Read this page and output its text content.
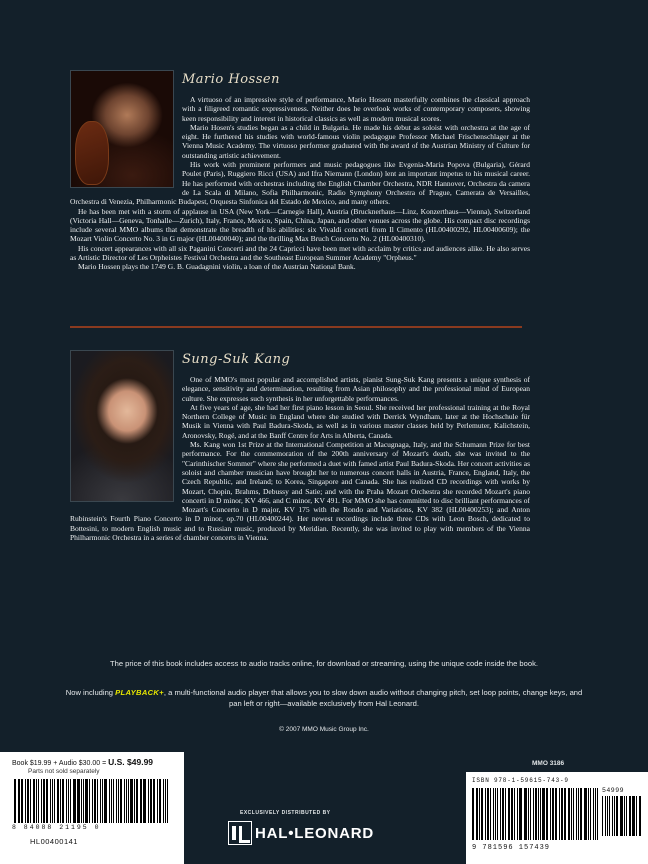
Mario Hossen

A virtuoso of an impressive style of performance, Mario Hossen masterfully combines the classical approach with a filigreed romantic expressiveness. Neither does he overlook works of contemporary composers, showing keen responsibility and interest in historical classics as well as modern musical scores.

Mario Hosen's studies began as a child in Bulgaria. He made his debut as soloist with orchestra at the age of eight. He furthered his studies with world-famous violin pedagogue Professor Michael Frischenschlager at the Vienna Music Academy. The virtuoso performer graduated with the award of the Austrian Ministry of Culture for outstanding artistic achievement.

His work with prominent performers and music pedagogues like Evgenia-Maria Popova (Bulgaria), Gérard Poulet (Paris), Ruggiero Ricci (USA) and Ifra Niemann (London) lent an important impetus to his musical career. He has performed with orchestras including the English Chamber Orchestra, NDR Hannover, Orchestra da camera de La Scala di Milano, Sofia Philharmonic, Radio Symphony Orchestra of Prague, Camerata de Versailles, Orchestra di Venezia, Philharmonic Budapest, Orquesta Sinfonica del Estado de Mexico, and many others.

He has been met with a storm of applause in USA (New York—Carnegie Hall), Austria (Brucknerhaus—Linz, Konzerthaus—Vienna), Switzerland (Victoria Hall—Geneva, Tonhalle—Zurich), Italy, France, Mexico, Spain, China, Japan, and other venues across the globe. His compact disc recordings include several MMO albums that demonstrate the breadth of his abilities: six Vivaldi concerti from Il Cimento (HL00400292, HL00400609); the Mozart Violin Concerto No. 3 in G major (HL00400040); and the thrilling Max Bruch Concerto No. 2 (HL00400310).

His concert appearances with all six Paganini Concerti and the 24 Capricci have been met with acclaim by critics and audiences alike. He also serves as Artistic Director of Les Orpheistes Festival Orchestra and the Southeast European Summer Academy "Orpheus."

Mario Hossen plays the 1749 G. B. Guadagnini violin, a loan of the Austrian National Bank.

Sung-Suk Kang

One of MMO's most popular and accomplished artists, pianist Sung-Suk Kang presents a unique synthesis of elegance, sensitivity and determination, resulting from Asian philosophy and the professional mind of European culture. She expresses such synthesis in her unforgettable performances.

At five years of age, she had her first piano lesson in Seoul. She received her professional training at the Royal Northern College of Music in England where she studied with Derrick Wyndham, later at the Hochschule für Musik in Vienna with Paul Badura-Skoda, as well as in various master classes held by Perlemuter, Kalichstein, Aronovsky, Rogé, and at the Banff Centre for Arts in Alberta, Canada.

Ms. Kang won 1st Prize at the International Competition at Macugnaga, Italy, and the Schumann Prize for best performance. For the commemoration of the 200th anniversary of Mozart's death, she was invited to the "Carinthischer Sommer" where she performed a duet with famed artist Paul Badura-Skoda. Her concert activities as soloist and chamber musician have brought her to numerous concert halls in Austria, France, England, Italy, the Czech Republic, and Ireland; to Korea, Singapore and Canada. She has realized CD recordings with works by Mozart, Chopin, Brahms, Debussy and Satie; and with the Praha Mozart Orchestra she recorded Mozart's piano concerti in D minor, KV 466, and C minor, KV 491. For MMO she has committed to disc brilliant performances of Mozart's Concerto in D major, KV 175 with the Rondo and Variations, KV 382 (HL00400253); and Anton Rubinstein's Fourth Piano Concerto in D minor, op.70 (HL00400244). Her newest recordings include three CDs with Leon Bosch, dedicated to Bottesini, to modern English music and to Russian music, produced by Meridian. Recently, she was invited to play with members of the Vienna Philharmonic Orchestra in a series of chamber concerts in Vienna.

The price of this book includes access to audio tracks online, for download or streaming, using the unique code inside the book.
Now including PLAYBACK+, a multi-functional audio player that allows you to slow down audio without changing pitch, set loop points, change keys, and pan left or right—available exclusively from Hal Leonard.
© 2007 MMO Music Group Inc.
Book $19.99 + Audio $30.00 = U.S. $49.99
Parts not sold separately
8 84088 21195 0
HL00400141
MMO 3186
EXCLUSIVELY DISTRIBUTED BY
HAL•LEONARD
ISBN 978-1-59615-743-9
54999
9 781596 157439
